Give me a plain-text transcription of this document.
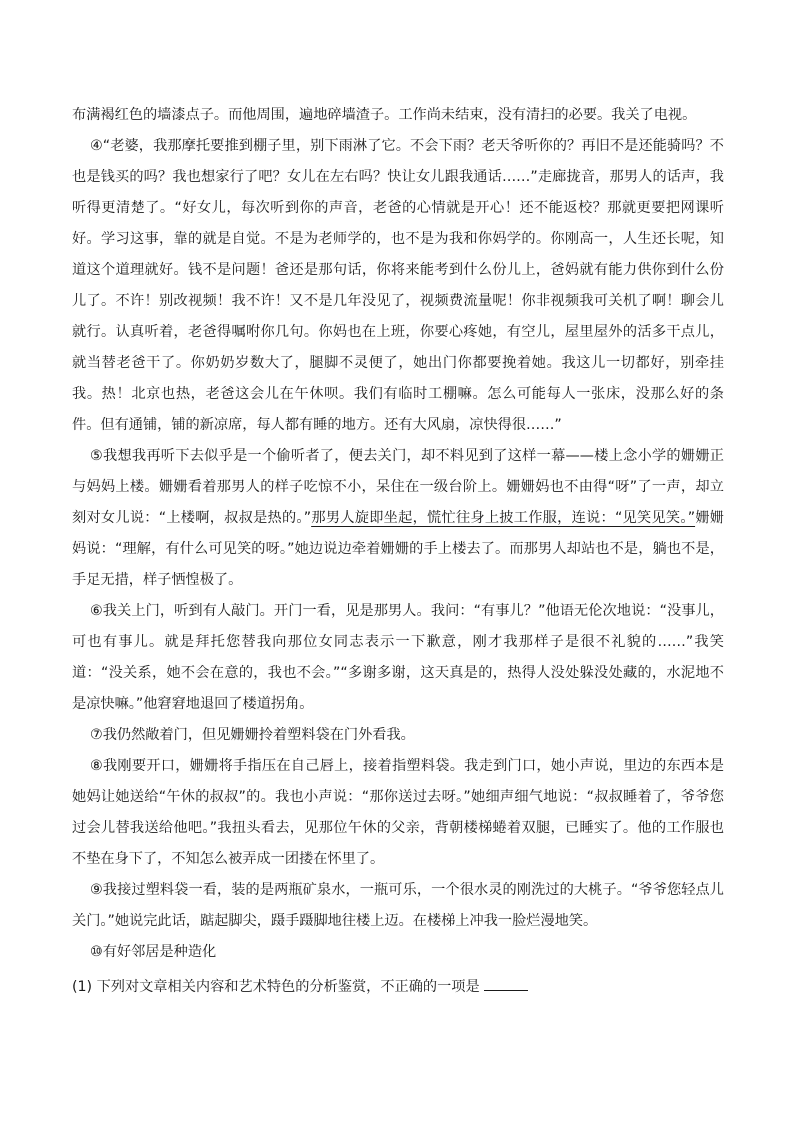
布满褐红色的墙漆点子。而他周围，遍地碎墙渣子。工作尚未结束，没有清扫的必要。我关了电视。

④“老婆，我那摩托要推到棚子里，别下雨淋了它。不会下雨？老天爷听你的？再旧不是还能骑吗？不也是钱买的吗？我也想家行了吧？女儿在左右吗？快让女儿跟我通话……”走廊拢音，那男人的话声，我听得更清楚了。“好女儿，每次听到你的声音，老爸的心情就是开心！还不能返校？那就更要把网课听好。学习这事，靠的就是自觉。不是为老师学的，也不是为我和你妈学的。你刚高一，人生还长呢，知道这个道理就好。钱不是问题！爸还是那句话，你将来能考到什么份儿上，爸妈就有能力供你到什么份儿了。不许！别改视频！我不许！又不是几年没见了，视频费流量呢！你非视频我可关机了啊！聊会儿就行。认真听着，老爸得嘱咐你几句。你妈也在上班，你要心疼她，有空儿，屋里屋外的活多干点儿，就当替老爸干了。你奶奶岁数大了，腿脚不灵便了，她出门你都要挽着她。我这儿一切都好，别牵挂我。热！北京也热，老爸这会儿在午休呗。我们有临时工棚嘛。怎么可能每人一张床，没那么好的条件。但有通铺，铺的新凉席，每人都有睡的地方。还有大风扇，凉快得很……”

⑤我想我再听下去似乎是一个偷听者了，便去关门，却不料见到了这样一幕——楼上念小学的姗姗正与妈妈上楼。姗姗看着那男人的样子吃惊不小，呆住在一级台阶上。姗姗妈也不由得“呀”了一声，却立刻对女儿说：“上楼啊，叔叔是热的。”那男人旋即坐起，慌忙往身上披工作服，连说：“见笑见笑。”姗姗妈说：“理解，有什么可见笑的呀。”她边说边牵着姗姗的手上楼去了。而那男人却站也不是，躺也不是，手足无措，样子恓惶极了。

⑥我关上门，听到有人敲门。开门一看，见是那男人。我问：“有事儿？”他语无伦次地说：“没事儿，可也有事儿。就是拜托您替我向那位女同志表示一下歉意，刚才我那样子是很不礼貌的……”我笑道：“没关系，她不会在意的，我也不会。”“多谢多谢，这天真是的，热得人没处躲没处藏的，水泥地不是凉快嘛。”他窘窘地退回了楼道拐角。

⑦我仍然敞着门，但见姗姗拎着塑料袋在门外看我。

⑧我刚要开口，姗姗将手指压在自己唇上，接着指塑料袋。我走到门口，她小声说，里边的东西本是她妈让她送给“午休的叔叔”的。我也小声说：“那你送过去呀。”她细声细气地说：“叔叔睡着了，爷爷您过会儿替我送给他吧。”我扭头看去，见那位午休的父亲，背朝楼梯蜷着双腿，已睡实了。他的工作服也不垫在身下了，不知怎么被弄成一团搂在怀里了。

⑨我接过塑料袋一看，装的是两瓶矿泉水，一瓶可乐，一个很水灵的刚洗过的大桃子。“爷爷您轻点儿关门。”她说完此话，踮起脚尖，蹑手蹑脚地往楼上迈。在楼梯上冲我一脸烂漫地笑。

⑩有好邻居是种造化

(1) 下列对文章相关内容和艺术特色的分析鉴赏，不正确的一项是
